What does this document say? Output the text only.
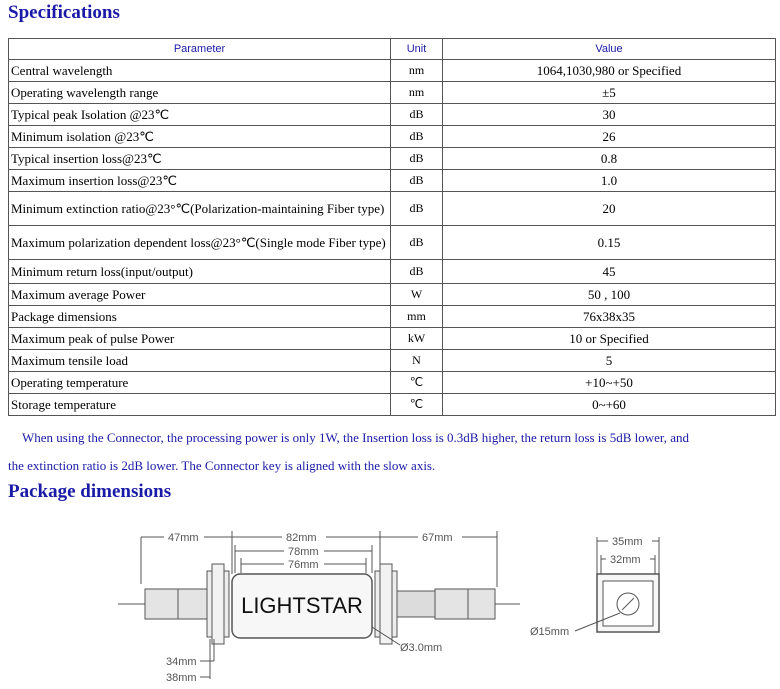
Specifications
Parameter	Unit	Value
Central wavelength	nm	1064,1030,980 or Specified
Operating wavelength range	nm	±5
Typical peak Isolation @23℃	dB	30
Minimum isolation @23℃	dB	26
Typical insertion loss@23℃	dB	0.8
Maximum insertion loss@23℃	dB	1.0
Minimum extinction ratio@23°℃(Polarization-maintaining Fiber type)	dB	20
Maximum polarization dependent loss@23°℃(Single mode Fiber type)	dB	0.15
Minimum return loss(input/output)	dB	45
Maximum average Power	W	50 , 100
Package dimensions	mm	76x38x35
Maximum peak of pulse Power	kW	10 or Specified
Maximum tensile load	N	5
Operating temperature	℃	+10~+50
Storage temperature	℃	0~+60
When using the Connector, the processing power is only 1W, the Insertion loss is 0.3dB higher, the return loss is 5dB lower, and
the extinction ratio is 2dB lower. The Connector key is aligned with the slow axis.
Package dimensions
47mm	82mm
78mm
76mm
67mm	35mm
32mm
Ø15mm
Ø3.0mm
34mm
38mm
LIGHTSTAR
